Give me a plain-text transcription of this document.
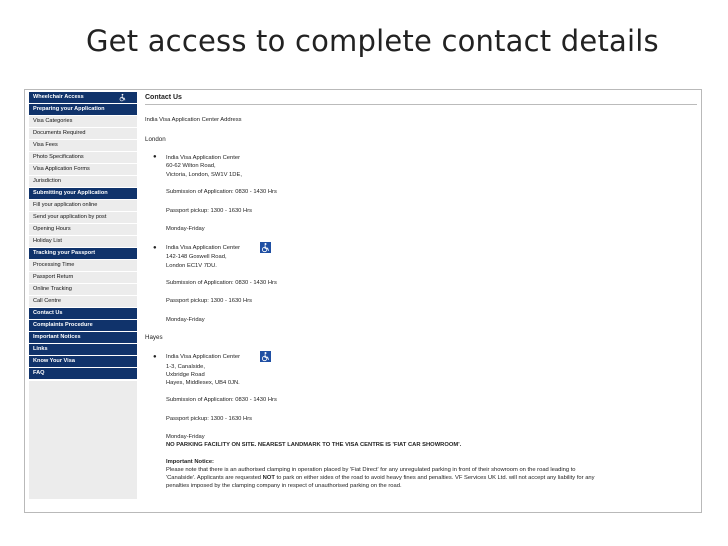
Get access to complete contact details
Wheelchair Access
Preparing your Application
Visa Categories
Documents Required
Visa Fees
Photo Specifications
Visa Application Forms
Jurisdiction
Submitting your Application
Fill your application online
Send your application by post
Opening Hours
Holiday List
Tracking your Passport
Processing Time
Passport Return
Online Tracking
Call Centre
Contact Us
Complaints Procedure
Important Notices
Links
Know Your Visa
FAQ
Contact Us
India Visa Application Center Address
London
● India Visa Application Center
60-62 Wilton Road,
Victoria, London, SW1V 1DE,
Submission of Application: 0830 - 1430 Hrs
Passport pickup: 1300 - 1630 Hrs
Monday-Friday
● India Visa Application Center
142-148 Goswell Road,
London EC1V 7DU.
Submission of Application: 0830 - 1430 Hrs
Passport pickup: 1300 - 1630 Hrs
Monday-Friday
Hayes
● India Visa Application Center
1-3, Canalside,
Uxbridge Road
Hayes, Middlesex, UB4 0JN.
Submission of Application: 0830 - 1430 Hrs
Passport pickup: 1300 - 1630 Hrs
Monday-Friday
NO PARKING FACILITY ON SITE. NEAREST LANDMARK TO THE VISA CENTRE IS 'FIAT CAR SHOWROOM'.
Important Notice:
Please note that there is an authorised clamping in operation placed by 'Fiat Direct' for any unregulated parking in front of their showroom on the road leading to
'Canalside'. Applicants are requested NOT to park on either sides of the road to avoid heavy fines and penalties. VF Services UK Ltd. will not accept any liability for any
penalties imposed by the clamping company in respect of unauthorised parking on the road.
